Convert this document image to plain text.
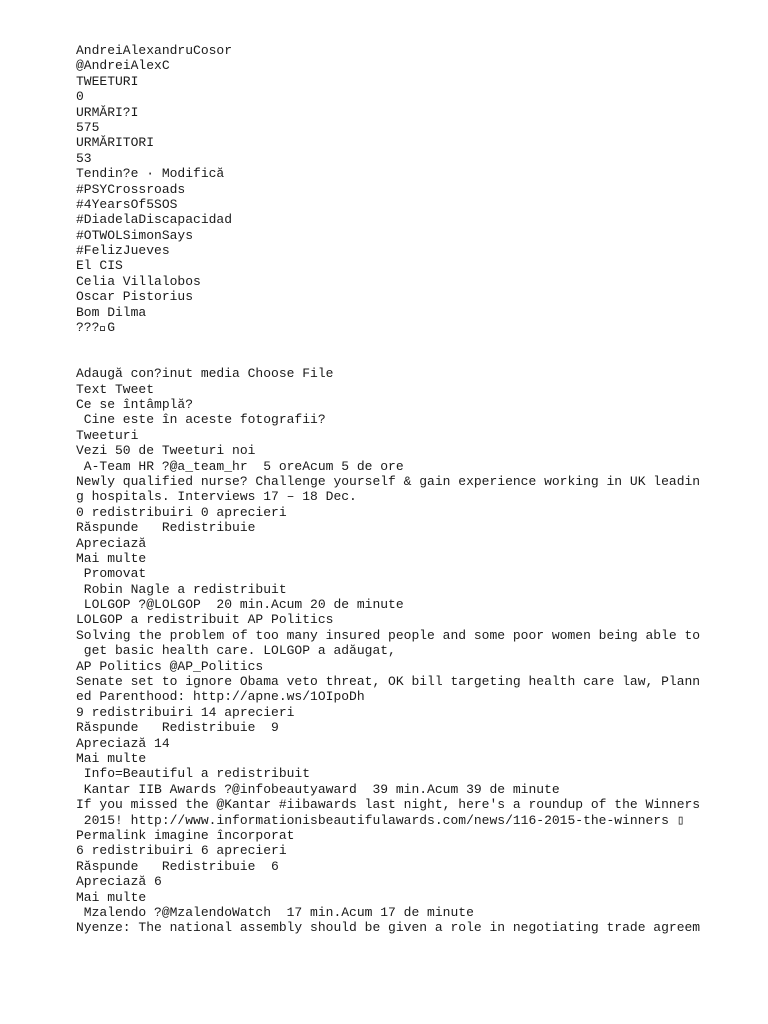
AndreiAlexandruCosor
@AndreiAlexC
TWEETURI
0
URMĂRI?I
575
URMĂRITORI
53
Tendin?e · Modifică
#PSYCrossroads
#4YearsOf5SOS
#DiadelaDiscapacidad
#OTWOLSimonSays
#FelizJueves
El CIS
Celia Villalobos
Oscar Pistorius
Bom Dilma
??? G
Adaugă con?inut media Choose File
Text Tweet
Ce se întâmplă?
Cine este în aceste fotografii?
Tweeturi
Vezi 50 de Tweeturi noi
A-Team HR ?@a_team_hr  5 oreAcum 5 de ore
Newly qualified nurse? Challenge yourself & gain experience working in UK leadin
g hospitals. Interviews 17 – 18 Dec.
0 redistribuiri 0 aprecieri
Răspunde   Redistribuie
Apreciază
Mai multe
Promovat
Robin Nagle a redistribuit
LOLGOP ?@LOLGOP  20 min.Acum 20 de minute
LOLGOP a redistribuit AP Politics
Solving the problem of too many insured people and some poor women being able to
get basic health care. LOLGOP a adăugat,
AP Politics @AP_Politics
Senate set to ignore Obama veto threat, OK bill targeting health care law, Plann
ed Parenthood: http://apne.ws/1OIpoDh
9 redistribuiri 14 aprecieri
Răspunde   Redistribuie  9
Apreciază 14
Mai multe
Info=Beautiful a redistribuit
Kantar IIB Awards ?@infobeautyaward  39 min.Acum 39 de minute
If you missed the @Kantar #iibawards last night, here's a roundup of the Winners
2015! http://www.informationisbeautifulawards.com/news/116-2015-the-winners ▯
Permalink imagine încorporat
6 redistribuiri 6 aprecieri
Răspunde   Redistribuie  6
Apreciază 6
Mai multe
Mzalendo ?@MzalendoWatch  17 min.Acum 17 de minute
Nyenze: The national assembly should be given a role in negotiating trade agreem
